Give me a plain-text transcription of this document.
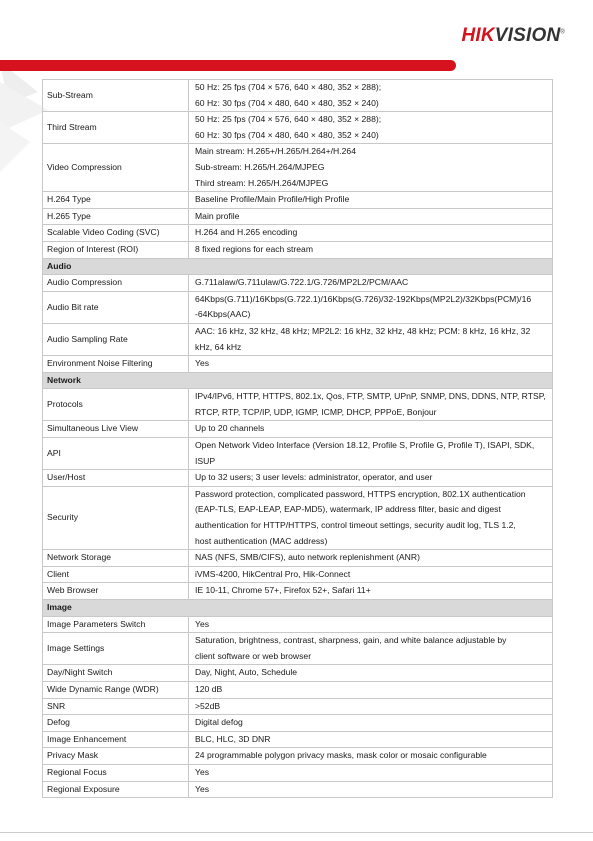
HIKVISION®
Sub-Stream	50 Hz: 25 fps (704 × 576, 640 × 480, 352 × 288);
60 Hz: 30 fps (704 × 480, 640 × 480, 352 × 240)

Third Stream	50 Hz: 25 fps (704 × 576, 640 × 480, 352 × 288);
60 Hz: 30 fps (704 × 480, 640 × 480, 352 × 240)

Video Compression	Main stream: H.265+/H.265/H.264+/H.264
Sub-stream: H.265/H.264/MJPEG
Third stream: H.265/H.264/MJPEG

H.264 Type	Baseline Profile/Main Profile/High Profile

H.265 Type	Main profile

Scalable Video Coding (SVC)	H.264 and H.265 encoding

Region of Interest (ROI)	8 fixed regions for each stream

Audio	
Audio Compression	G.711alaw/G.711ulaw/G.722.1/G.726/MP2L2/PCM/AAC

Audio Bit rate	64Kbps(G.711)/16Kbps(G.722.1)/16Kbps(G.726)/32-192Kbps(MP2L2)/32Kbps(PCM)/16
-64Kbps(AAC)

Audio Sampling Rate	AAC: 16 kHz, 32 kHz, 48 kHz; MP2L2: 16 kHz, 32 kHz, 48 kHz; PCM: 8 kHz, 16 kHz, 32
kHz, 64 kHz

Environment Noise Filtering	Yes

Network	
Protocols	IPv4/IPv6, HTTP, HTTPS, 802.1x, Qos, FTP, SMTP, UPnP, SNMP, DNS, DDNS, NTP, RTSP,
RTCP, RTP, TCP/IP, UDP, IGMP, ICMP, DHCP, PPPoE, Bonjour

Simultaneous Live View	Up to 20 channels

API	Open Network Video Interface (Version 18.12, Profile S, Profile G, Profile T), ISAPI, SDK,
ISUP

User/Host	Up to 32 users; 3 user levels: administrator, operator, and user

Security	Password protection, complicated password, HTTPS encryption, 802.1X authentication
(EAP-TLS, EAP-LEAP, EAP-MD5), watermark, IP address filter, basic and digest
authentication for HTTP/HTTPS, control timeout settings, security audit log, TLS 1.2,
host authentication (MAC address)

Network Storage	NAS (NFS, SMB/CIFS), auto network replenishment (ANR)

Client	iVMS-4200, HikCentral Pro, Hik-Connect

Web Browser	IE 10-11, Chrome 57+, Firefox 52+, Safari 11+

Image	
Image Parameters Switch	Yes

Image Settings	Saturation, brightness, contrast, sharpness, gain, and white balance adjustable by
client software or web browser

Day/Night Switch	Day, Night, Auto, Schedule

Wide Dynamic Range (WDR)	120 dB

SNR	>52dB

Defog	Digital defog

Image Enhancement	BLC, HLC, 3D DNR

Privacy Mask	24 programmable polygon privacy masks, mask color or mosaic configurable

Regional Focus	Yes

Regional Exposure	Yes
